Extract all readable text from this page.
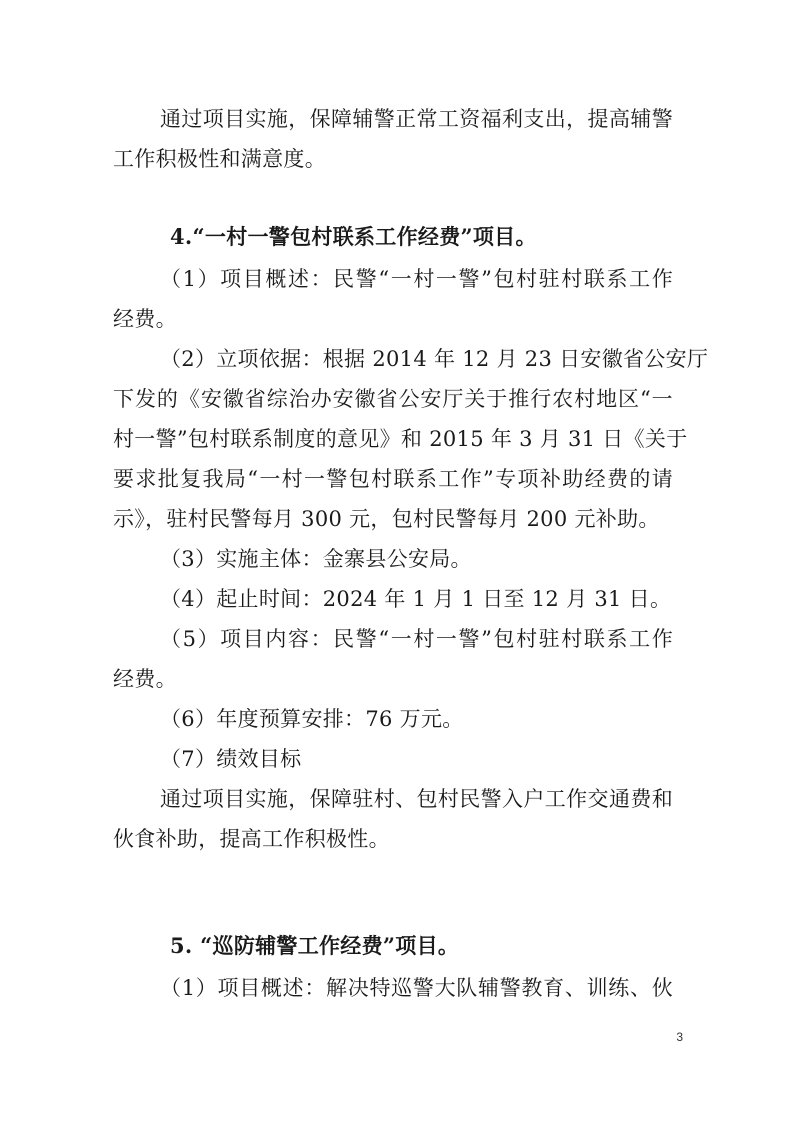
通过项目实施，保障辅警正常工资福利支出，提高辅警
工作积极性和满意度。
4.“一村一警包村联系工作经费”项目。
（1）项目概述：民警“一村一警”包村驻村联系工作
经费。
（2）立项依据：根据 2014 年 12 月 23 日安徽省公安厅
下发的《安徽省综治办安徽省公安厅关于推行农村地区“一
村一警”包村联系制度的意见》和 2015 年 3 月 31 日《关于
要求批复我局“一村一警包村联系工作”专项补助经费的请
示》，驻村民警每月 300 元，包村民警每月 200 元补助。
（3）实施主体：金寨县公安局。
（4）起止时间：2024 年 1 月 1 日至 12 月 31 日。
（5）项目内容：民警“一村一警”包村驻村联系工作
经费。
（6）年度预算安排：76 万元。
（7）绩效目标
通过项目实施，保障驻村、包村民警入户工作交通费和
伙食补助，提高工作积极性。
5. “巡防辅警工作经费”项目。
（1）项目概述：解决特巡警大队辅警教育、训练、伙
3
